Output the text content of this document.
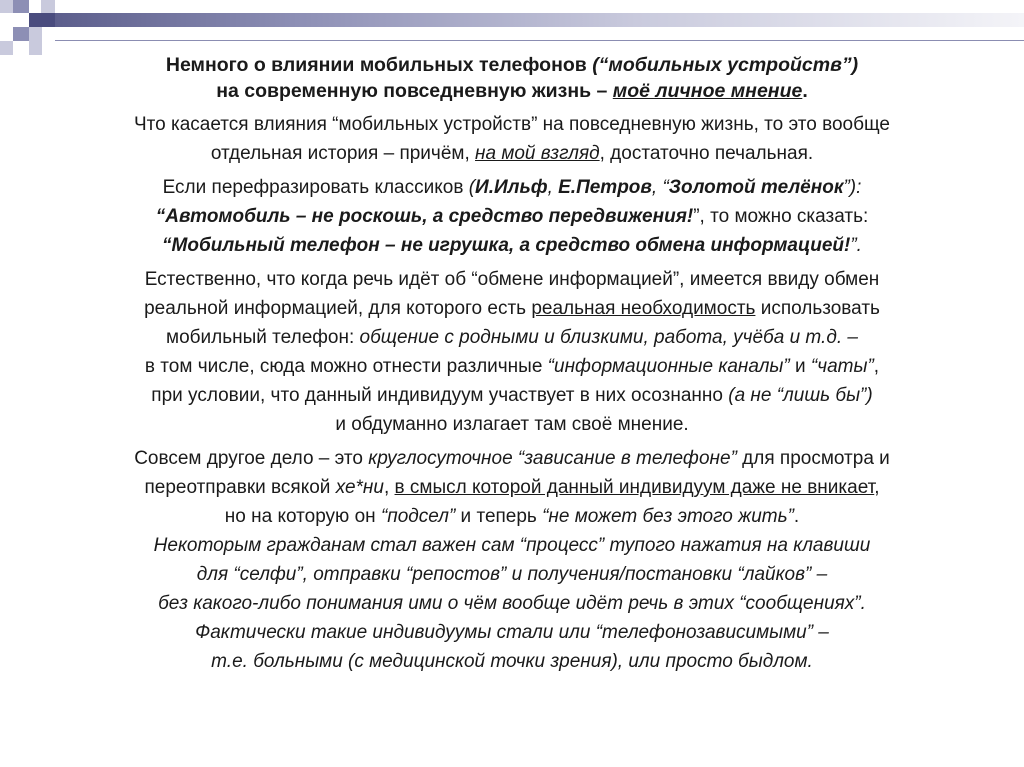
Немного о влиянии мобильных телефонов (“мобильных устройств”)
на современную повседневную жизнь – моё личное мнение.
Что касается влияния “мобильных устройств” на повседневную жизнь, то это вообще
отдельная история – причём, на мой взгляд, достаточно печальная.
Если перефразировать классиков (И.Ильф, Е.Петров, “Золотой телёнок”):
“Автомобиль – не роскошь, а средство передвижения!”, то можно сказать:
“Мобильный телефон – не игрушка, а средство обмена информацией!”.
Естественно, что когда речь идёт об “обмене информацией”, имеется ввиду обмен
реальной информацией, для которого есть реальная необходимость использовать
мобильный телефон: общение с родными и близкими, работа, учёба и т.д. –
в том числе, сюда можно отнести различные “информационные каналы” и “чаты”,
при условии, что данный индивидуум участвует в них осознанно (а не “лишь бы”)
и обдуманно излагает там своё мнение.
Совсем другое дело – это круглосуточное “зависание в телефоне” для просмотра и
переотправки всякой хе*ни, в смысл которой данный индивидуум даже не вникает,
но на которую он “подсел” и теперь “не может без этого жить”.
Некоторым гражданам стал важен сам “процесс” тупого нажатия на клавиши
для “селфи”, отправки “репостов” и получения/постановки “лайков” –
без какого-либо понимания ими о чём вообще идёт речь в этих “сообщениях”.
Фактически такие индивидуумы стали или “телефонозависимыми” –
т.е. больными (с медицинской точки зрения), или просто быдлом.
